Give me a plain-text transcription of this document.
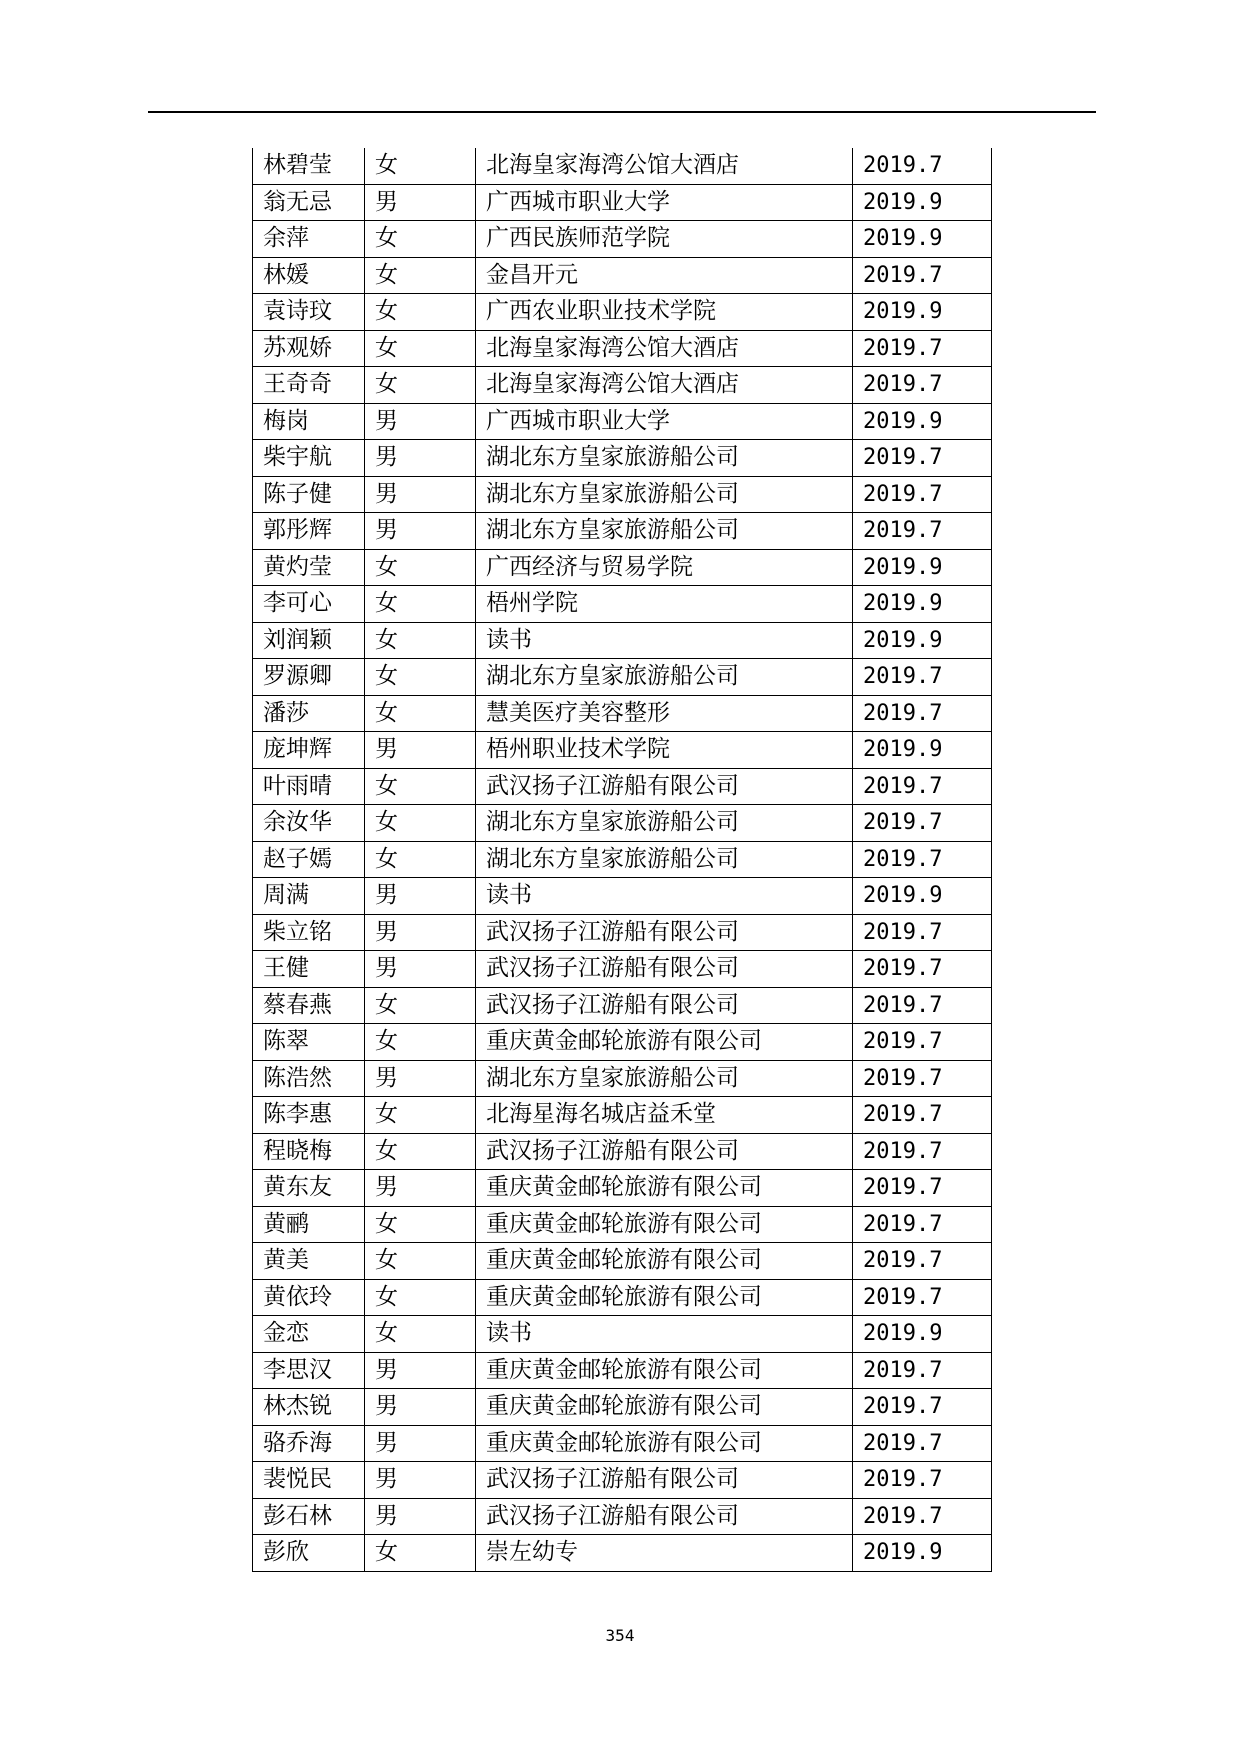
林碧莹	女	北海皇家海湾公馆大酒店	2019.7
翁无忌	男	广西城市职业大学	2019.9
余萍	女	广西民族师范学院	2019.9
林媛	女	金昌开元	2019.7
袁诗玟	女	广西农业职业技术学院	2019.9
苏观娇	女	北海皇家海湾公馆大酒店	2019.7
王奇奇	女	北海皇家海湾公馆大酒店	2019.7
梅岗	男	广西城市职业大学	2019.9
柴宇航	男	湖北东方皇家旅游船公司	2019.7
陈子健	男	湖北东方皇家旅游船公司	2019.7
郭彤辉	男	湖北东方皇家旅游船公司	2019.7
黄灼莹	女	广西经济与贸易学院	2019.9
李可心	女	梧州学院	2019.9
刘润颖	女	读书	2019.9
罗源卿	女	湖北东方皇家旅游船公司	2019.7
潘莎	女	慧美医疗美容整形	2019.7
庞坤辉	男	梧州职业技术学院	2019.9
叶雨晴	女	武汉扬子江游船有限公司	2019.7
余汝华	女	湖北东方皇家旅游船公司	2019.7
赵子嫣	女	湖北东方皇家旅游船公司	2019.7
周满	男	读书	2019.9
柴立铭	男	武汉扬子江游船有限公司	2019.7
王健	男	武汉扬子江游船有限公司	2019.7
蔡春燕	女	武汉扬子江游船有限公司	2019.7
陈翠	女	重庆黄金邮轮旅游有限公司	2019.7
陈浩然	男	湖北东方皇家旅游船公司	2019.7
陈李惠	女	北海星海名城店益禾堂	2019.7
程晓梅	女	武汉扬子江游船有限公司	2019.7
黄东友	男	重庆黄金邮轮旅游有限公司	2019.7
黄鹂	女	重庆黄金邮轮旅游有限公司	2019.7
黄美	女	重庆黄金邮轮旅游有限公司	2019.7
黄依玲	女	重庆黄金邮轮旅游有限公司	2019.7
金恋	女	读书	2019.9
李思汉	男	重庆黄金邮轮旅游有限公司	2019.7
林杰锐	男	重庆黄金邮轮旅游有限公司	2019.7
骆乔海	男	重庆黄金邮轮旅游有限公司	2019.7
裴悦民	男	武汉扬子江游船有限公司	2019.7
彭石林	男	武汉扬子江游船有限公司	2019.7
彭欣	女	崇左幼专	2019.9
354
